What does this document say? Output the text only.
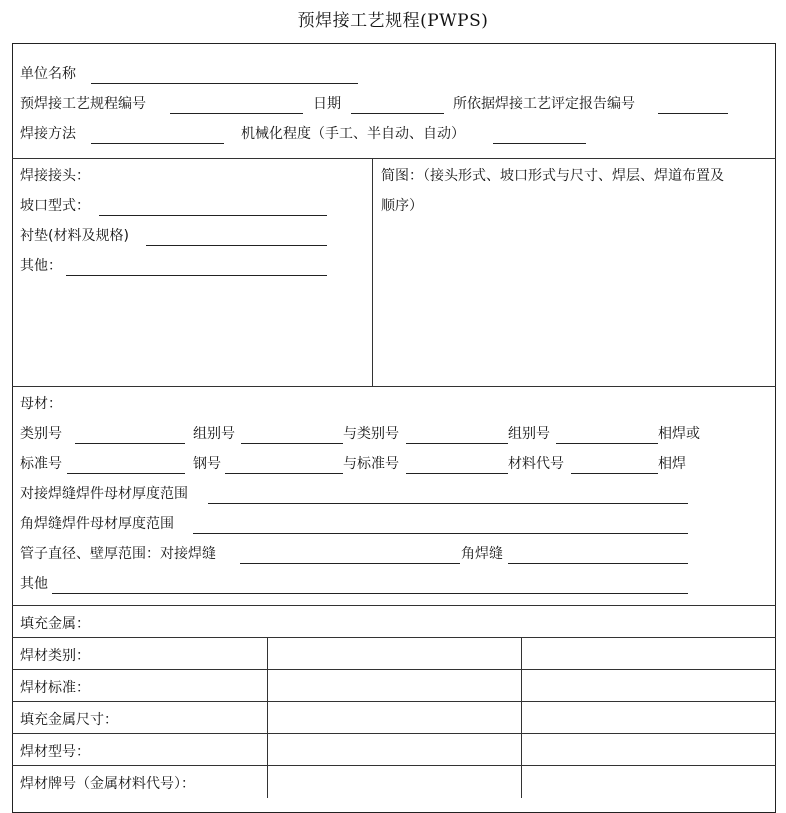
预焊接工艺规程(PWPS)
单位名称
预焊接工艺规程编号	日期	所依据焊接工艺评定报告编号
焊接方法	机械化程度（手工、半自动、自动）
焊接接头：
坡口型式：
衬垫(材料及规格)
其他：
简图：（接头形式、坡口形式与尺寸、焊层、焊道布置及
顺序）
母材：
类别号	组别号	与类别号	组别号	相焊或
标准号	钢号	与标准号	材料代号	相焊
对接焊缝焊件母材厚度范围
角焊缝焊件母材厚度范围
管子直径、壁厚范围：对接焊缝	角焊缝
其他
填充金属：
焊材类别：
焊材标准：
填充金属尺寸：
焊材型号：
焊材牌号（金属材料代号）：
